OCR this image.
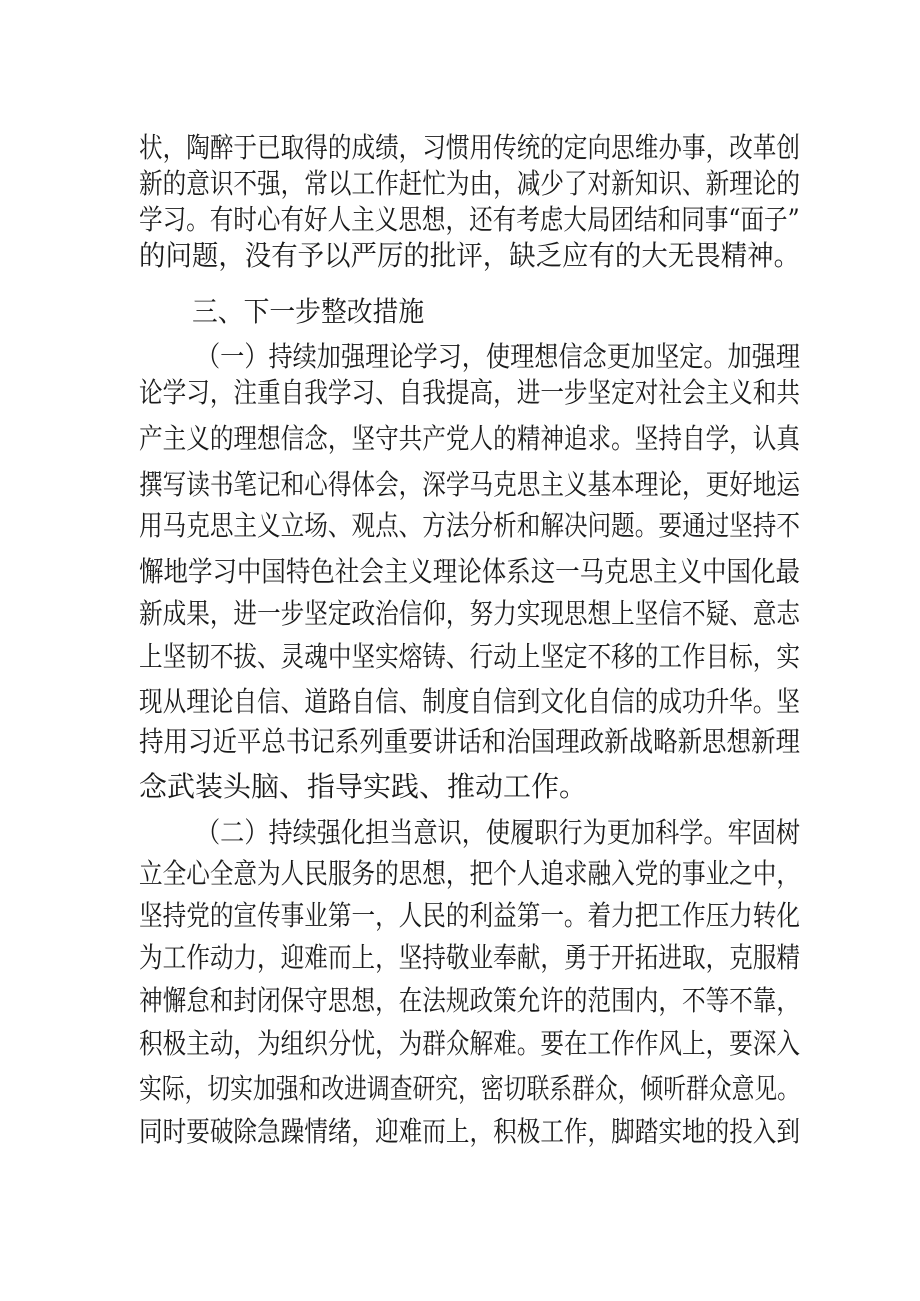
状，陶醉于已取得的成绩，习惯用传统的定向思维办事，改革创
新的意识不强，常以工作赶忙为由，减少了对新知识、新理论的
学习。有时心有好人主义思想，还有考虑大局团结和同事“面子”
的问题，没有予以严厉的批评，缺乏应有的大无畏精神。
三、下一步整改措施
（一）持续加强理论学习，使理想信念更加坚定。加强理
论学习，注重自我学习、自我提高，进一步坚定对社会主义和共
产主义的理想信念，坚守共产党人的精神追求。坚持自学，认真
撰写读书笔记和心得体会，深学马克思主义基本理论，更好地运
用马克思主义立场、观点、方法分析和解决问题。要通过坚持不
懈地学习中国特色社会主义理论体系这一马克思主义中国化最
新成果，进一步坚定政治信仰，努力实现思想上坚信不疑、意志
上坚韧不拔、灵魂中坚实熔铸、行动上坚定不移的工作目标，实
现从理论自信、道路自信、制度自信到文化自信的成功升华。坚
持用习近平总书记系列重要讲话和治国理政新战略新思想新理
念武装头脑、指导实践、推动工作。
（二）持续强化担当意识，使履职行为更加科学。牢固树
立全心全意为人民服务的思想，把个人追求融入党的事业之中，
坚持党的宣传事业第一，人民的利益第一。着力把工作压力转化
为工作动力，迎难而上，坚持敬业奉献，勇于开拓进取，克服精
神懈怠和封闭保守思想，在法规政策允许的范围内，不等不靠，
积极主动，为组织分忧，为群众解难。要在工作作风上，要深入
实际，切实加强和改进调查研究，密切联系群众，倾听群众意见。
同时要破除急躁情绪，迎难而上，积极工作，脚踏实地的投入到
